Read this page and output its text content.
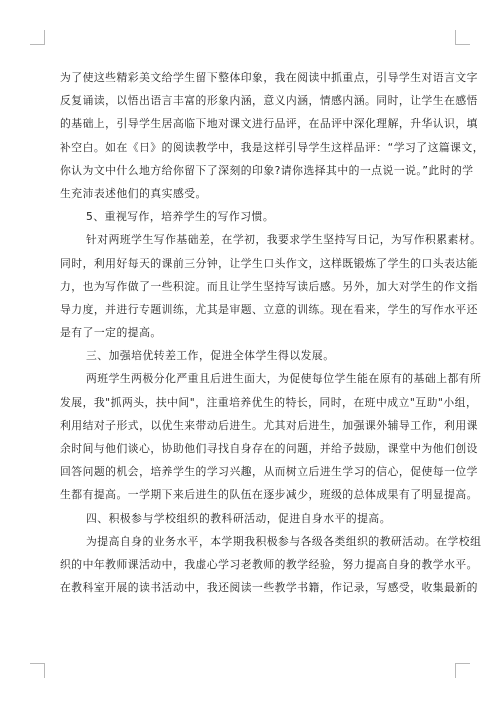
为了使这些精彩美文给学生留下整体印象，我在阅读中抓重点，引导学生对语言文字
反复诵读，以悟出语言丰富的形象内涵，意义内涵，情感内涵。同时，让学生在感悟
的基础上，引导学生居高临下地对课文进行品评，在品评中深化理解，升华认识，填
补空白。如在《日》的阅读教学中，我是这样引导学生这样品评：“学习了这篇课文，
你认为文中什么地方给你留下了深刻的印象?请你选择其中的一点说一说。”此时的学
生充沛表述他们的真实感受。
5、重视写作，培养学生的写作习惯。
针对两班学生写作基础差，在学初，我要求学生坚持写日记，为写作积累素材。
同时，利用好每天的课前三分钟，让学生口头作文，这样既锻炼了学生的口头表达能
力，也为写作做了一些积淀。而且让学生坚持写读后感。另外，加大对学生的作文指
导力度，并进行专题训练，尤其是审题、立意的训练。现在看来，学生的写作水平还
是有了一定的提高。
三、加强培优转差工作，促进全体学生得以发展。
两班学生两极分化严重且后进生面大，为促使每位学生能在原有的基础上都有所
发展，我"抓两头，扶中间"，注重培养优生的特长，同时，在班中成立"互助"小组，
利用结对子形式，以优生来带动后进生。尤其对后进生，加强课外辅导工作，利用课
余时间与他们谈心，协助他们寻找自身存在的问题，并给予鼓励，课堂中为他们创设
回答问题的机会，培养学生的学习兴趣，从而树立后进生学习的信心，促使每一位学
生都有提高。一学期下来后进生的队伍在逐步减少，班级的总体成果有了明显提高。
四、积极参与学校组织的教科研活动，促进自身水平的提高。
为提高自身的业务水平，本学期我积极参与各级各类组织的教研活动。在学校组
织的中年教师课活动中，我虚心学习老教师的教学经验，努力提高自身的教学水平。
在教科室开展的读书活动中，我还阅读一些教学书籍，作记录，写感受，收集最新的
